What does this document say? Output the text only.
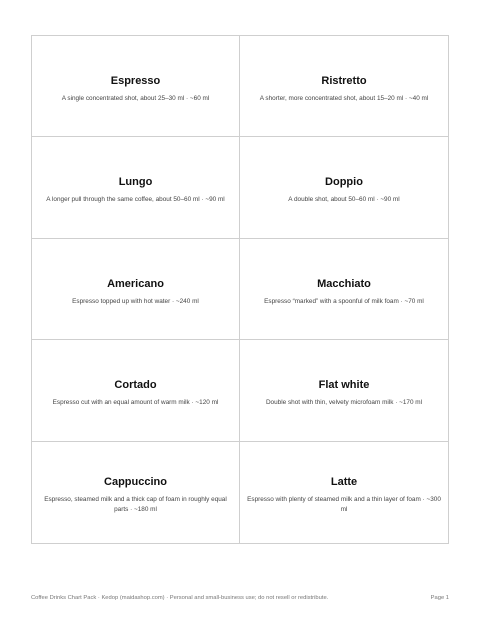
Espresso
A single concentrated shot, about 25–30 ml · ~60 ml
Ristretto
A shorter, more concentrated shot, about 15–20 ml · ~40 ml
Lungo
A longer pull through the same coffee, about 50–60 ml · ~90 ml
Doppio
A double shot, about 50–60 ml · ~90 ml
Americano
Espresso topped up with hot water · ~240 ml
Macchiato
Espresso “marked” with a spoonful of milk foam · ~70 ml
Cortado
Espresso cut with an equal amount of warm milk · ~120 ml
Flat white
Double shot with thin, velvety microfoam milk · ~170 ml
Cappuccino
Espresso, steamed milk and a thick cap of foam in roughly equal parts · ~180 ml
Latte
Espresso with plenty of steamed milk and a thin layer of foam · ~300 ml
Coffee Drinks Chart Pack · Kedop (maidashop.com) · Personal and small-business use; do not resell or redistribute.	Page 1
